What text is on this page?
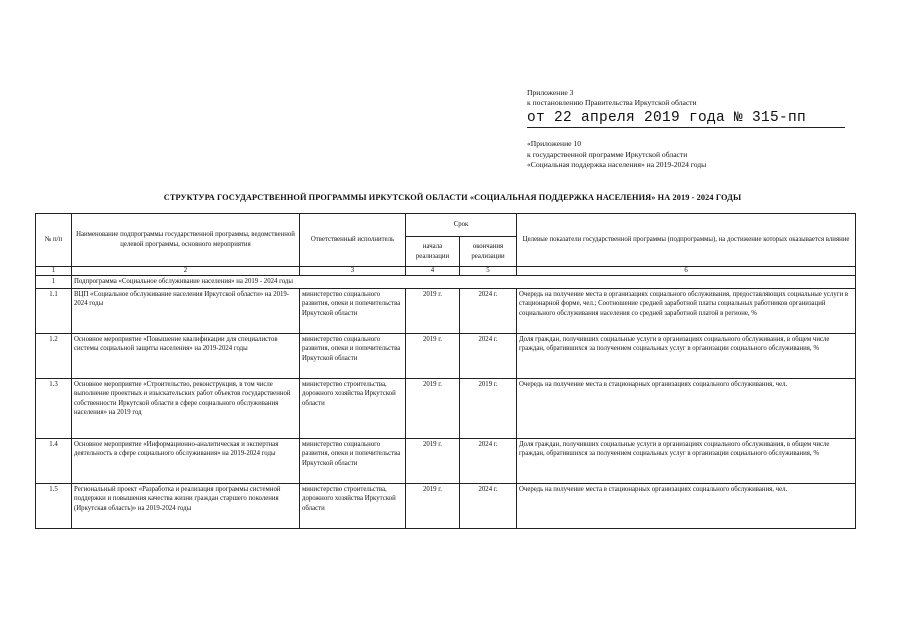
Приложение 3
к постановлению Правительства Иркутской области
от 22 апреля 2019 года № 315-пп
«Приложение 10
к государственной программе Иркутской области
«Социальная поддержка населения» на 2019-2024 годы
СТРУКТУРА ГОСУДАРСТВЕННОЙ ПРОГРАММЫ ИРКУТСКОЙ ОБЛАСТИ «СОЦИАЛЬНАЯ ПОДДЕРЖКА НАСЕЛЕНИЯ» НА 2019 - 2024 ГОДЫ
№ п/п	Наименование подпрограммы государственной программы, ведомственной целевой программы, основного мероприятия	Ответственный исполнитель	Срок		Целевые показатели государственной программы (подпрограммы), на достижение которых оказывается влияние
			начала реализации	окончания реализации	
1	2	3	4	5	6
1	Подпрограмма «Социальное обслуживание населения» на 2019 - 2024 годы				
1.1	ВЦП «Социальное обслуживание населения Иркутской области» на 2019-2024 годы	министерство социального развития, опеки и попечительства Иркутской области	2019 г.	2024 г.	Очередь на получение места в организациях социального обслуживания, предоставляющих социальные услуги в стационарной форме, чел.; Соотношение средней заработной платы социальных работников организаций социального обслуживания населения со средней заработной платой в регионе, %
1.2	Основное мероприятие «Повышение квалификации для специалистов системы социальной защиты населения» на 2019-2024 годы	министерство социального развития, опеки и попечительства Иркутской области	2019 г.	2024 г.	Доля граждан, получивших социальные услуги в организациях социального обслуживания, в общем числе граждан, обратившихся за получением социальных услуг в организации социального обслуживания, %
1.3	Основное мероприятие «Строительство, реконструкция, в том числе выполнение проектных и изыскательских работ объектов государственной собственности Иркутской области в сфере социального обслуживания населения» на 2019 год	министерство строительства, дорожного хозяйства Иркутской области	2019 г.	2019 г.	Очередь на получение места в стационарных организациях социального обслуживания, чел.
1.4	Основное мероприятие «Информационно-аналитическая и экспертная деятельность в сфере социального обслуживания» на 2019-2024 годы	министерство социального развития, опеки и попечительства Иркутской области	2019 г.	2024 г.	Доля граждан, получивших социальные услуги в организациях социального обслуживания, в общем числе граждан, обратившихся за получением социальных услуг в организации социального обслуживания, %
1.5	Региональный проект «Разработка и реализация программы системной поддержки и повышения качества жизни граждан старшего поколения (Иркутская область)» на 2019-2024 годы	министерство строительства, дорожного хозяйства Иркутской области	2019 г.	2024 г.	Очередь на получение места в стационарных организациях социального обслуживания, чел.
